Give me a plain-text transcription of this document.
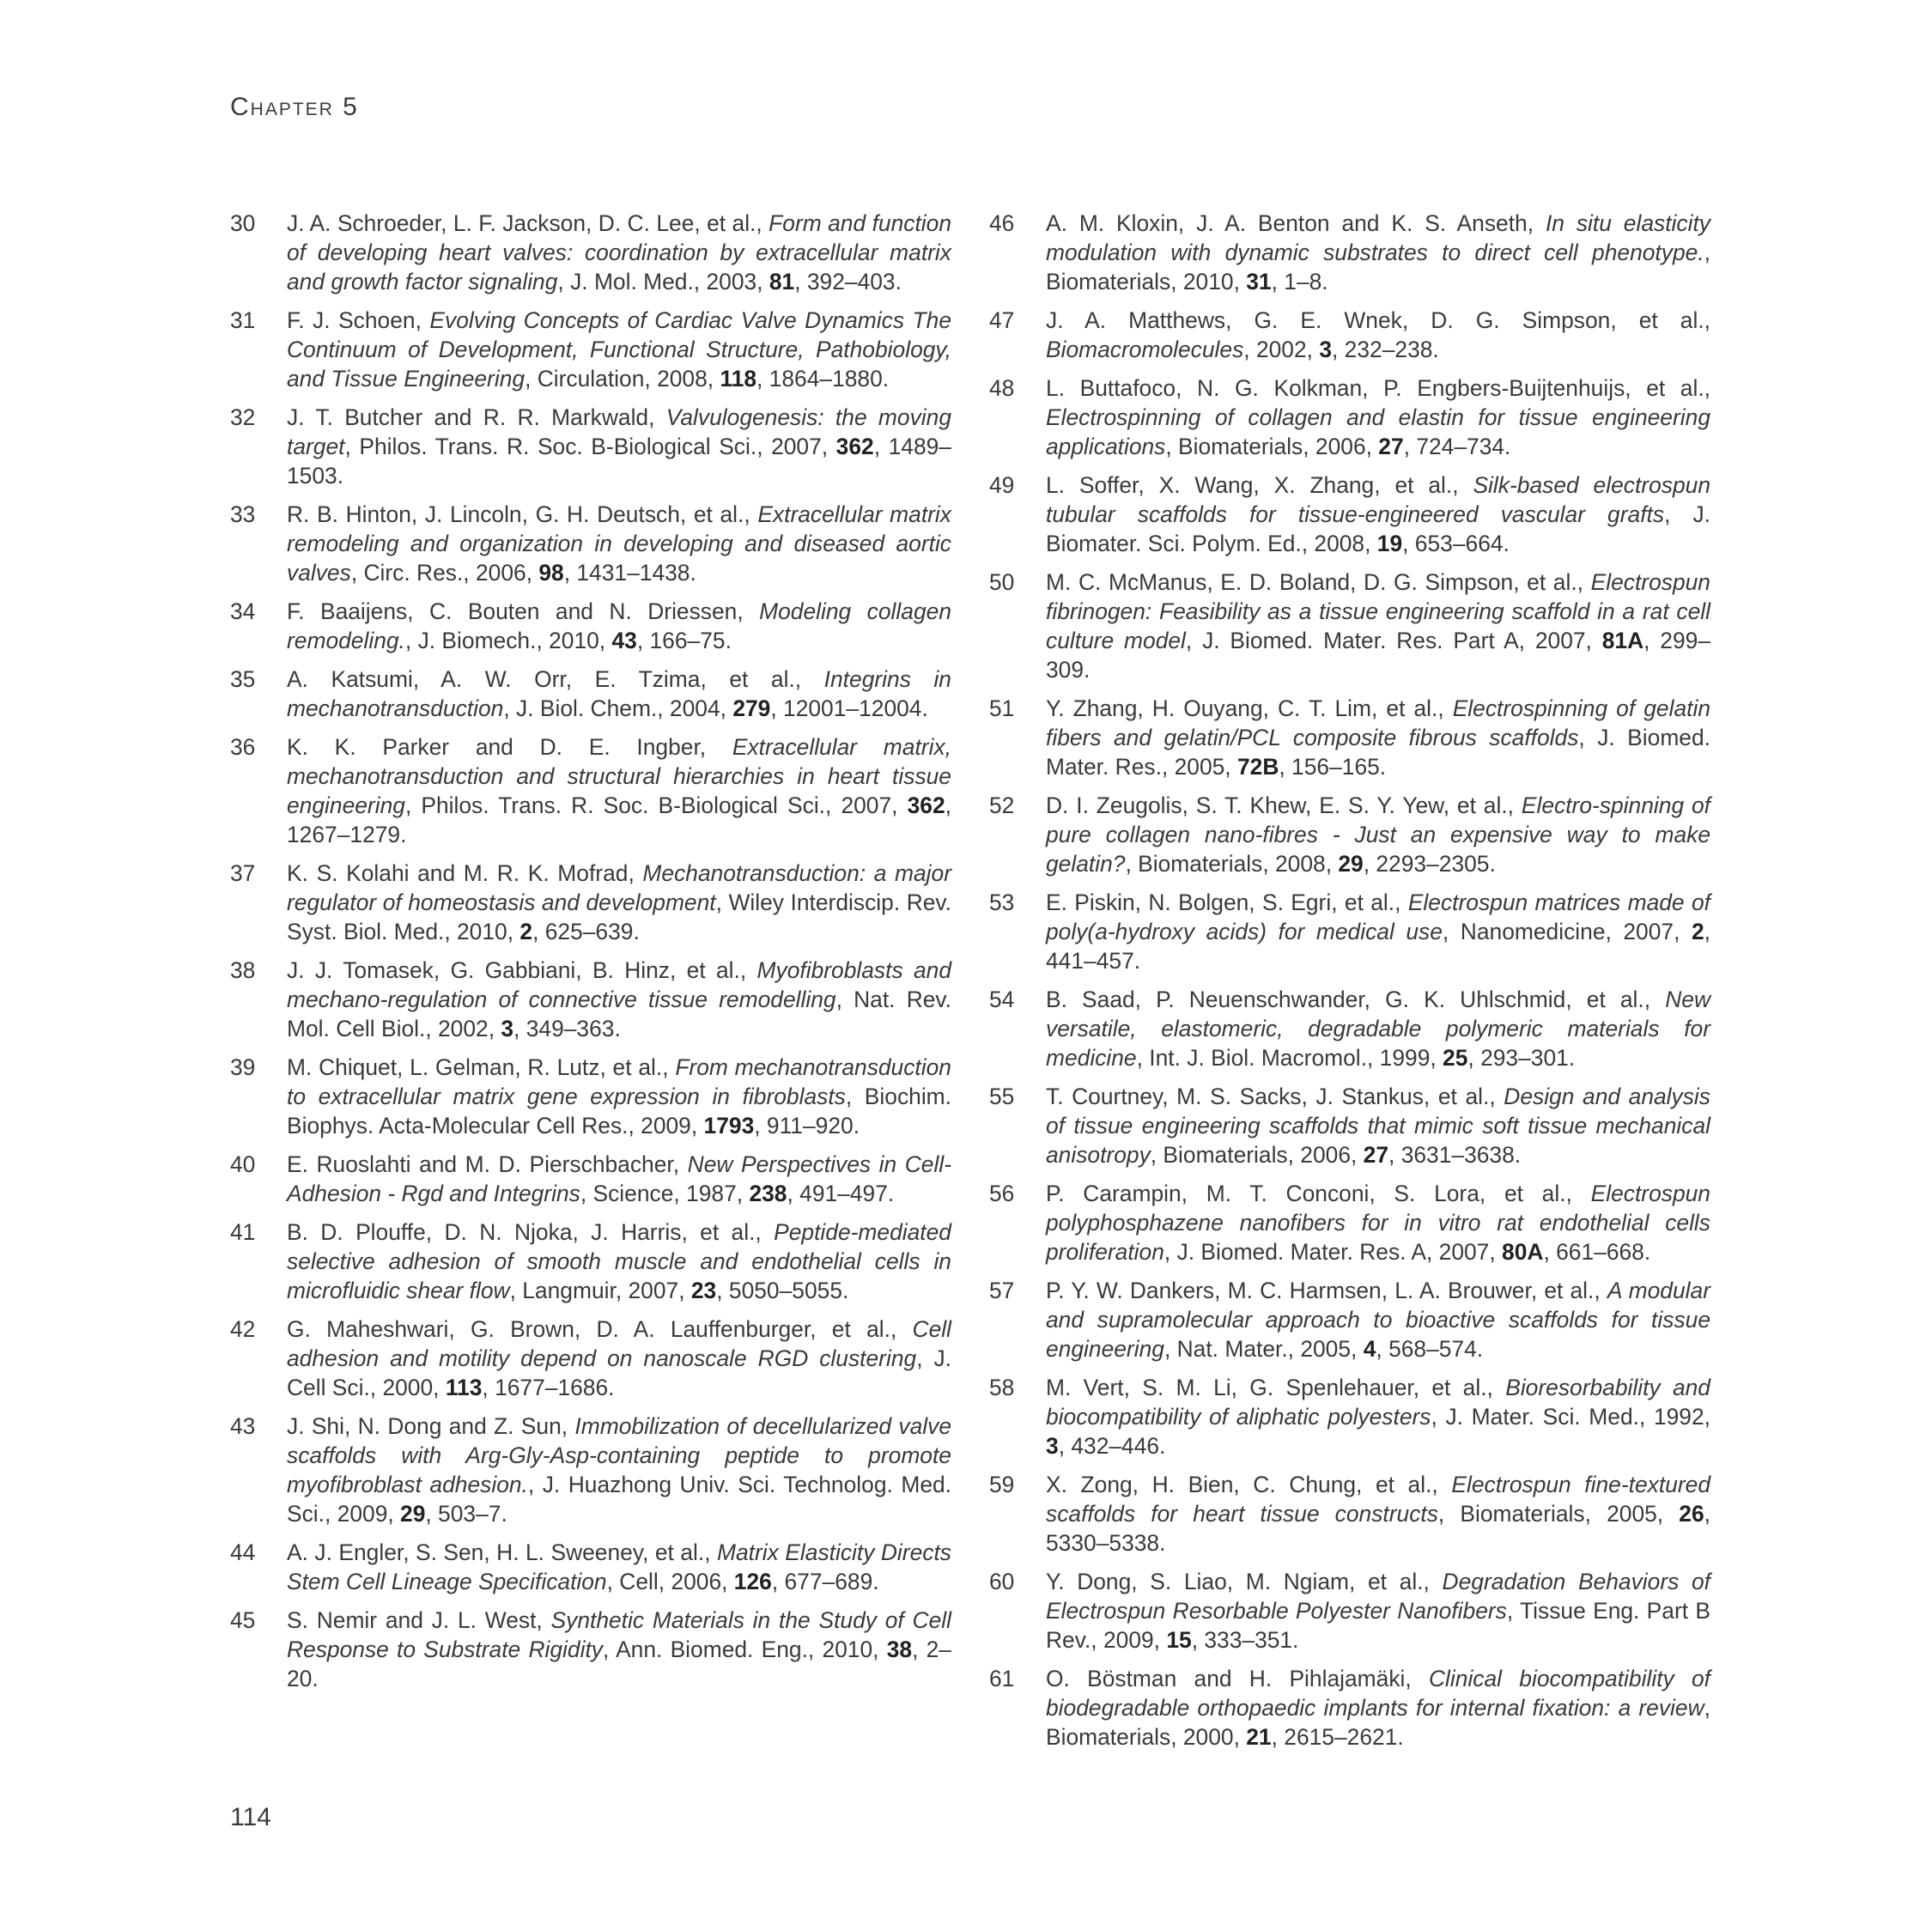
Chapter 5
30	J. A. Schroeder, L. F. Jackson, D. C. Lee, et al., Form and function of developing heart valves: coordination by extracellular matrix and growth factor signaling, J. Mol. Med., 2003, 81, 392–403.
31	F. J. Schoen, Evolving Concepts of Cardiac Valve Dynamics The Continuum of Development, Functional Structure, Pathobiology, and Tissue Engineering, Circulation, 2008, 118, 1864–1880.
32	J. T. Butcher and R. R. Markwald, Valvulogenesis: the moving target, Philos. Trans. R. Soc. B-Biological Sci., 2007, 362, 1489–1503.
33	R. B. Hinton, J. Lincoln, G. H. Deutsch, et al., Extracellular matrix remodeling and organization in developing and diseased aortic valves, Circ. Res., 2006, 98, 1431–1438.
34	F. Baaijens, C. Bouten and N. Driessen, Modeling collagen remodeling., J. Biomech., 2010, 43, 166–75.
35	A. Katsumi, A. W. Orr, E. Tzima, et al., Integrins in mechanotransduction, J. Biol. Chem., 2004, 279, 12001–12004.
36	K. K. Parker and D. E. Ingber, Extracellular matrix, mechanotransduction and structural hierarchies in heart tissue engineering, Philos. Trans. R. Soc. B-Biological Sci., 2007, 362, 1267–1279.
37	K. S. Kolahi and M. R. K. Mofrad, Mechanotransduction: a major regulator of homeostasis and development, Wiley Interdiscip. Rev. Syst. Biol. Med., 2010, 2, 625–639.
38	J. J. Tomasek, G. Gabbiani, B. Hinz, et al., Myofibroblasts and mechano-regulation of connective tissue remodelling, Nat. Rev. Mol. Cell Biol., 2002, 3, 349–363.
39	M. Chiquet, L. Gelman, R. Lutz, et al., From mechanotransduction to extracellular matrix gene expression in fibroblasts, Biochim. Biophys. Acta-Molecular Cell Res., 2009, 1793, 911–920.
40	E. Ruoslahti and M. D. Pierschbacher, New Perspectives in Cell-Adhesion - Rgd and Integrins, Science, 1987, 238, 491–497.
41	B. D. Plouffe, D. N. Njoka, J. Harris, et al., Peptide-mediated selective adhesion of smooth muscle and endothelial cells in microfluidic shear flow, Langmuir, 2007, 23, 5050–5055.
42	G. Maheshwari, G. Brown, D. A. Lauffenburger, et al., Cell adhesion and motility depend on nanoscale RGD clustering, J. Cell Sci., 2000, 113, 1677–1686.
43	J. Shi, N. Dong and Z. Sun, Immobilization of decellularized valve scaffolds with Arg-Gly-Asp-containing peptide to promote myofibroblast adhesion., J. Huazhong Univ. Sci. Technolog. Med. Sci., 2009, 29, 503–7.
44	A. J. Engler, S. Sen, H. L. Sweeney, et al., Matrix Elasticity Directs Stem Cell Lineage Specification, Cell, 2006, 126, 677–689.
45	S. Nemir and J. L. West, Synthetic Materials in the Study of Cell Response to Substrate Rigidity, Ann. Biomed. Eng., 2010, 38, 2–20.
46	A. M. Kloxin, J. A. Benton and K. S. Anseth, In situ elasticity modulation with dynamic substrates to direct cell phenotype., Biomaterials, 2010, 31, 1–8.
47	J. A. Matthews, G. E. Wnek, D. G. Simpson, et al., Biomacromolecules, 2002, 3, 232–238.
48	L. Buttafoco, N. G. Kolkman, P. Engbers-Buijtenhuijs, et al., Electrospinning of collagen and elastin for tissue engineering applications, Biomaterials, 2006, 27, 724–734.
49	L. Soffer, X. Wang, X. Zhang, et al., Silk-based electrospun tubular scaffolds for tissue-engineered vascular grafts, J. Biomater. Sci. Polym. Ed., 2008, 19, 653–664.
50	M. C. McManus, E. D. Boland, D. G. Simpson, et al., Electrospun fibrinogen: Feasibility as a tissue engineering scaffold in a rat cell culture model, J. Biomed. Mater. Res. Part A, 2007, 81A, 299–309.
51	Y. Zhang, H. Ouyang, C. T. Lim, et al., Electrospinning of gelatin fibers and gelatin/PCL composite fibrous scaffolds, J. Biomed. Mater. Res., 2005, 72B, 156–165.
52	D. I. Zeugolis, S. T. Khew, E. S. Y. Yew, et al., Electro-spinning of pure collagen nano-fibres - Just an expensive way to make gelatin?, Biomaterials, 2008, 29, 2293–2305.
53	E. Piskin, N. Bolgen, S. Egri, et al., Electrospun matrices made of poly(a-hydroxy acids) for medical use, Nanomedicine, 2007, 2, 441–457.
54	B. Saad, P. Neuenschwander, G. K. Uhlschmid, et al., New versatile, elastomeric, degradable polymeric materials for medicine, Int. J. Biol. Macromol., 1999, 25, 293–301.
55	T. Courtney, M. S. Sacks, J. Stankus, et al., Design and analysis of tissue engineering scaffolds that mimic soft tissue mechanical anisotropy, Biomaterials, 2006, 27, 3631–3638.
56	P. Carampin, M. T. Conconi, S. Lora, et al., Electrospun polyphosphazene nanofibers for in vitro rat endothelial cells proliferation, J. Biomed. Mater. Res. A, 2007, 80A, 661–668.
57	P. Y. W. Dankers, M. C. Harmsen, L. A. Brouwer, et al., A modular and supramolecular approach to bioactive scaffolds for tissue engineering, Nat. Mater., 2005, 4, 568–574.
58	M. Vert, S. M. Li, G. Spenlehauer, et al., Bioresorbability and biocompatibility of aliphatic polyesters, J. Mater. Sci. Med., 1992, 3, 432–446.
59	X. Zong, H. Bien, C. Chung, et al., Electrospun fine-textured scaffolds for heart tissue constructs, Biomaterials, 2005, 26, 5330–5338.
60	Y. Dong, S. Liao, M. Ngiam, et al., Degradation Behaviors of Electrospun Resorbable Polyester Nanofibers, Tissue Eng. Part B Rev., 2009, 15, 333–351.
61	O. Böstman and H. Pihlajamäki, Clinical biocompatibility of biodegradable orthopaedic implants for internal fixation: a review, Biomaterials, 2000, 21, 2615–2621.
114
